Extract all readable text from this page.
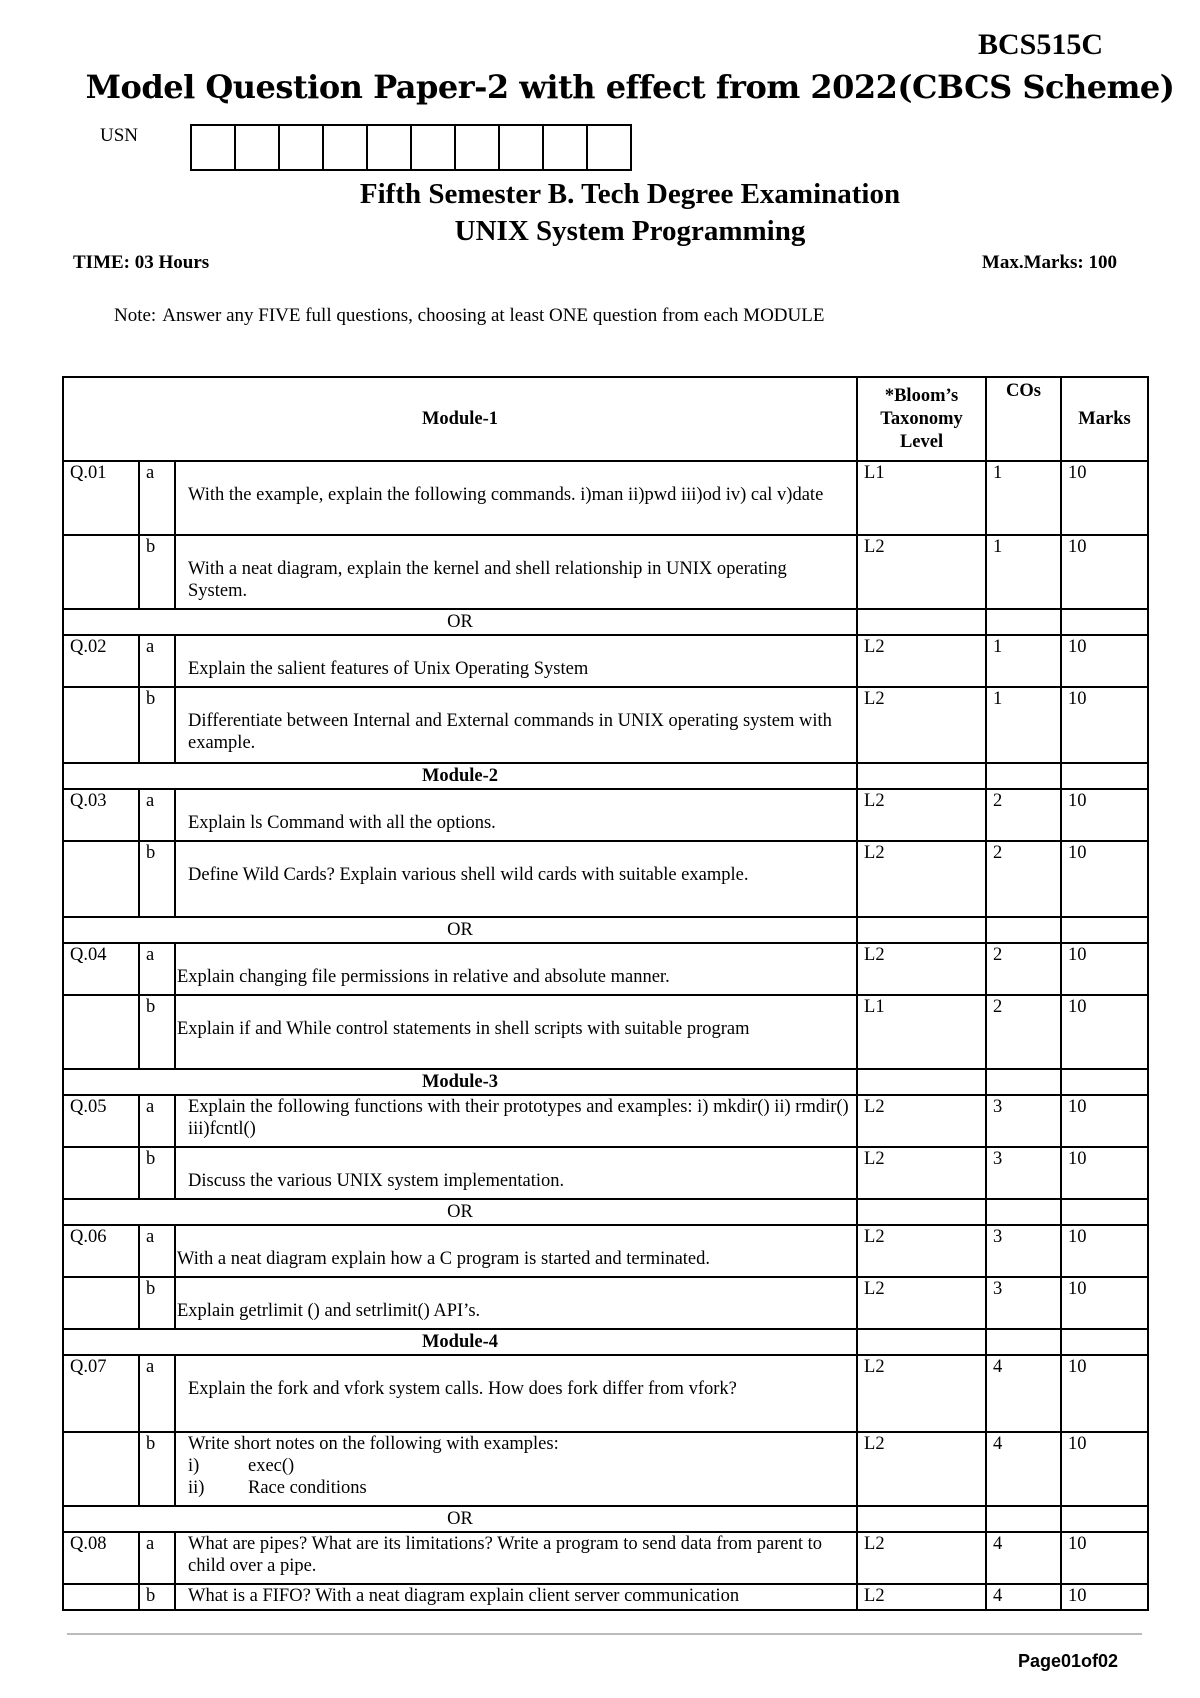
BCS515C
Model Question Paper-2 with effect from 2022(CBCS Scheme)
USN
Fifth Semester B. Tech Degree Examination
UNIX System Programming
TIME: 03 Hours	Max.Marks: 100
Note: Answer any FIVE full questions, choosing at least ONE question from each MODULE
Module-1			*Bloom’s Taxonomy Level	COs	Marks
Q.01	a	With the example, explain the following commands. i)man ii)pwd iii)od iv) cal v)date	L1	1	10
	b	With a neat diagram, explain the kernel and shell relationship in UNIX operating System.	L2	1	10
OR					
Q.02	a	Explain the salient features of Unix Operating System	L2	1	10
	b	Differentiate between Internal and External commands in UNIX operating system with example.	L2	1	10
Module-2					
Q.03	a	Explain ls Command with all the options.	L2	2	10
	b	Define Wild Cards? Explain various shell wild cards with suitable example.	L2	2	10
OR					
Q.04	a	Explain changing file permissions in relative and absolute manner.	L2	2	10
	b	Explain if and While control statements in shell scripts with suitable program	L1	2	10
Module-3					
Q.05	a	Explain the following functions with their prototypes and examples: i) mkdir() ii) rmdir() iii)fcntl()	L2	3	10
	b	Discuss the various UNIX system implementation.	L2	3	10
OR					
Q.06	a	With a neat diagram explain how a C program is started and terminated.	L2	3	10
	b	Explain getrlimit () and setrlimit() API’s.	L2	3	10
Module-4					
Q.07	a	Explain the fork and vfork system calls. How does fork differ from vfork?	L2	4	10
	b	Write short notes on the following with examples:
i) exec()
ii) Race conditions	L2	4	10
OR					
Q.08	a	What are pipes? What are its limitations? Write a program to send data from parent to child over a pipe.	L2	4	10
	b	What is a FIFO? With a neat diagram explain client server communication	L2	4	10
Page01of02
